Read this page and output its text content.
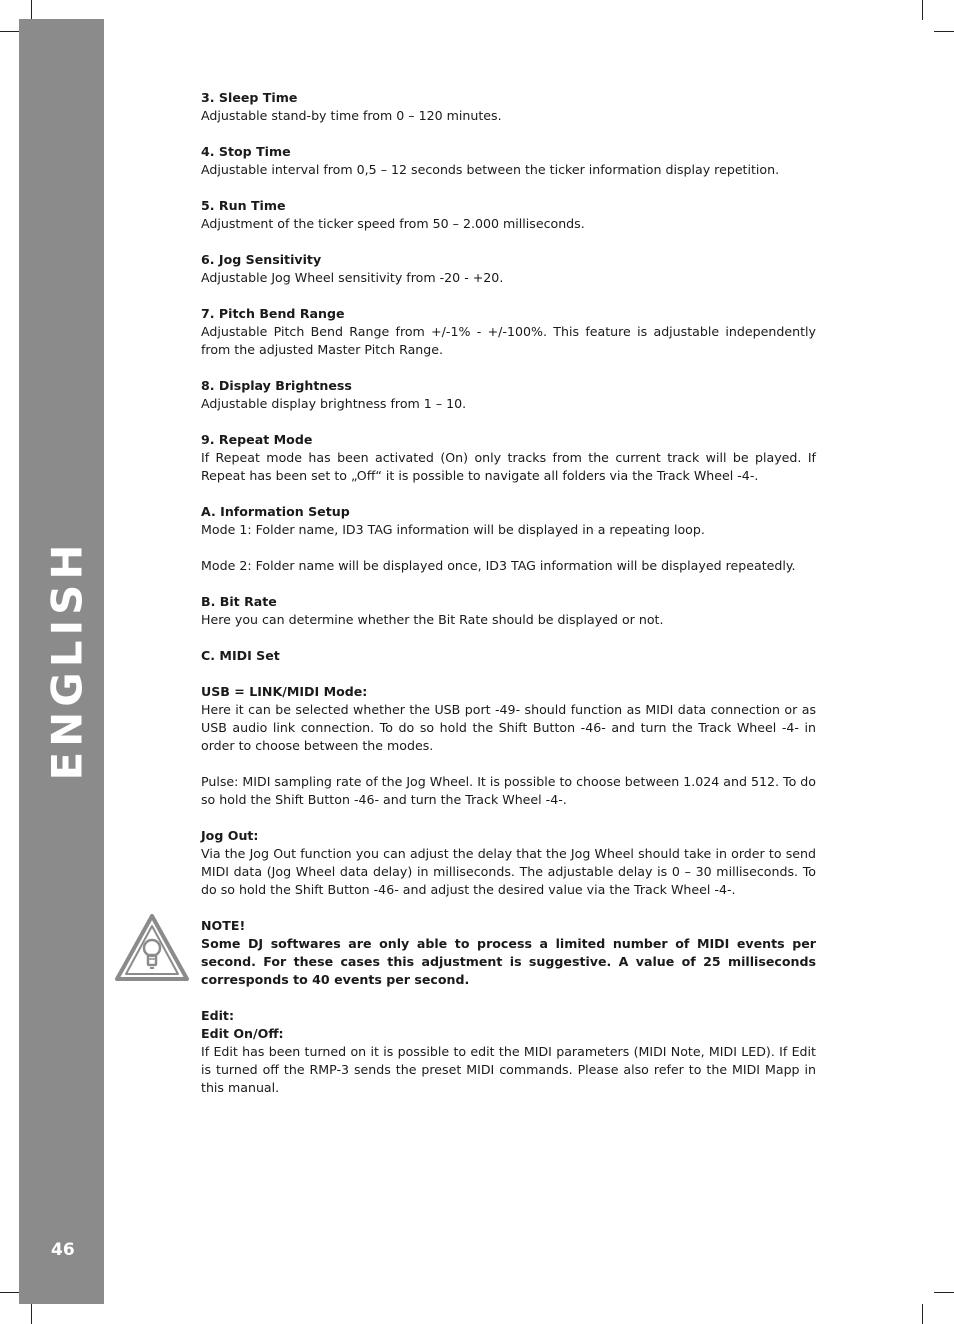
ENGLISH
46
3. Sleep Time
Adjustable stand-by time from 0 – 120 minutes.
4. Stop Time
Adjustable interval from 0,5 – 12 seconds between the ticker information display repetition.
5. Run Time
Adjustment of the ticker speed from 50 – 2.000 milliseconds.
6. Jog Sensitivity
Adjustable Jog Wheel sensitivity from -20 - +20.
7. Pitch Bend Range
Adjustable Pitch Bend Range from +/-1% - +/-100%. This feature is adjustable independently from the adjusted Master Pitch Range.
8. Display Brightness
Adjustable display brightness from 1 – 10.
9. Repeat Mode
If Repeat mode has been activated (On) only tracks from the current track will be played. If Repeat has been set to „Off“ it is possible to navigate all folders via the Track Wheel -4-.
A. Information Setup
Mode 1: Folder name, ID3 TAG information will be displayed in a repeating loop.
Mode 2: Folder name will be displayed once, ID3 TAG information will be displayed repeatedly.
B. Bit Rate
Here you can determine whether the Bit Rate should be displayed or not.
C. MIDI Set
USB = LINK/MIDI Mode:
Here it can be selected whether the USB port -49- should function as MIDI data connection or as USB audio link connection. To do so hold the Shift Button -46- and turn the Track Wheel -4- in order to choose between the modes.
Pulse: MIDI sampling rate of the Jog Wheel. It is possible to choose between 1.024 and 512. To do so hold the Shift Button -46- and turn the Track Wheel -4-.
Jog Out:
Via the Jog Out function you can adjust the delay that the Jog Wheel should take in order to send MIDI data (Jog Wheel data delay) in milliseconds. The adjustable delay is 0 – 30 milliseconds. To do so hold the Shift Button -46- and adjust the desired value via the Track Wheel -4-.
NOTE!
Some DJ softwares are only able to process a limited number of MIDI events per second. For these cases this adjustment is suggestive. A value of 25 milliseconds corresponds to 40 events per second.
Edit:
Edit On/Off:
If Edit has been turned on it is possible to edit the MIDI parameters (MIDI Note, MIDI LED). If Edit is turned off the RMP-3 sends the preset MIDI commands. Please also refer to the MIDI Mapp in this manual.
